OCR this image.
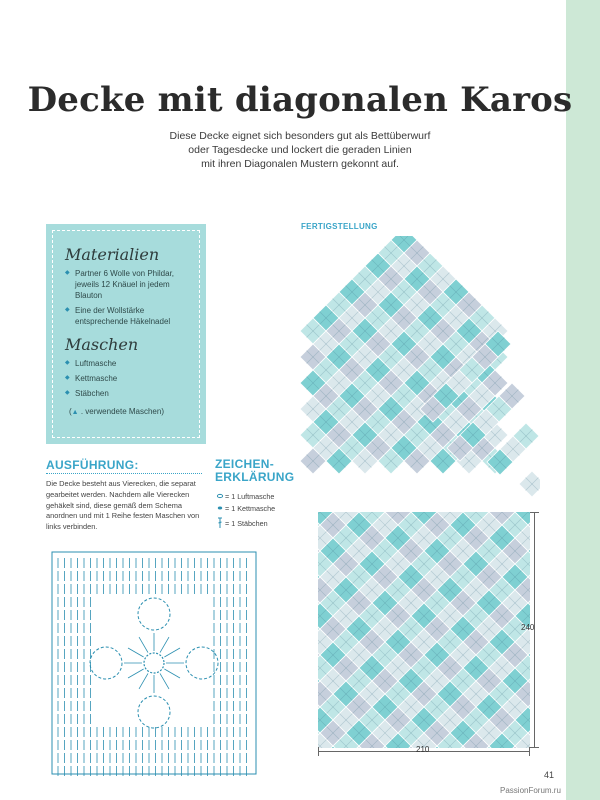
Decke mit diagonalen Karos
Diese Decke eignet sich besonders gut als Bettüberwurf
oder Tagesdecke und lockert die geraden Linien
mit ihren Diagonalen Mustern gekonnt auf.
Materialien
◆ Partner 6 Wolle von Phildar, jeweils 12 Knäuel in jedem Blauton
◆ Eine der Wollstärke entsprechende Häkelnadel
Maschen
◆ Luftmasche
◆ Kettmasche
◆ Stäbchen
(▲ . verwendete Maschen)
AUSFÜHRUNG:

Die Decke besteht aus Vierecken, die separat gearbeitet werden. Nachdem alle Vierecken gehäkelt sind, diese gemäß dem Schema anordnen und mit 1 Reihe festen Maschen von links verbinden.

ZEICHEN-
ERKLÄRUNG
= 1 Luftmasche
= 1 Kettmasche
= 1 Stäbchen
FERTIGSTELLUNG
240
210
41
PassionForum.ru
